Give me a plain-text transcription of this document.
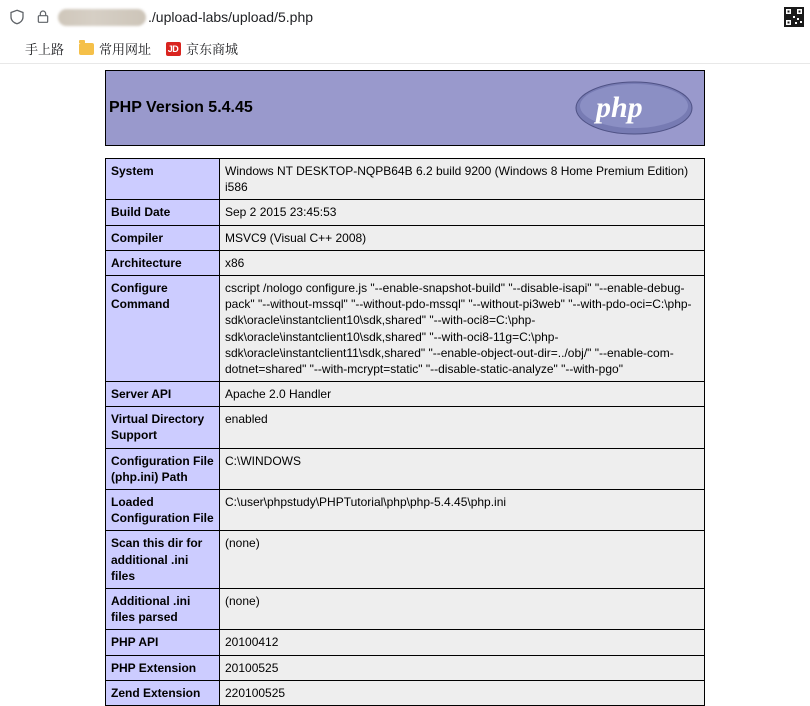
./upload-labs/upload/5.php
手上路	常用网址 JD 京东商城
PHP Version 5.4.45	php
System	Windows NT DESKTOP-NQPB64B 6.2 build 9200 (Windows 8 Home Premium Edition) i586
Build Date	Sep 2 2015 23:45:53
Compiler	MSVC9 (Visual C++ 2008)
Architecture	x86
Configure Command	cscript /nologo configure.js "--enable-snapshot-build" "--disable-isapi" "--enable-debug-pack" "--without-mssql" "--without-pdo-mssql" "--without-pi3web" "--with-pdo-oci=C:\php-sdk\oracle\instantclient10\sdk,shared" "--with-oci8=C:\php-sdk\oracle\instantclient10\sdk,shared" "--with-oci8-11g=C:\php-sdk\oracle\instantclient11\sdk,shared" "--enable-object-out-dir=../obj/" "--enable-com-dotnet=shared" "--with-mcrypt=static" "--disable-static-analyze" "--with-pgo"
Server API	Apache 2.0 Handler
Virtual Directory Support	enabled
Configuration File (php.ini) Path	C:\WINDOWS
Loaded Configuration File	C:\user\phpstudy\PHPTutorial\php\php-5.4.45\php.ini
Scan this dir for additional .ini files	(none)
Additional .ini files parsed	(none)
PHP API	20100412
PHP Extension	20100525
Zend Extension	220100525
